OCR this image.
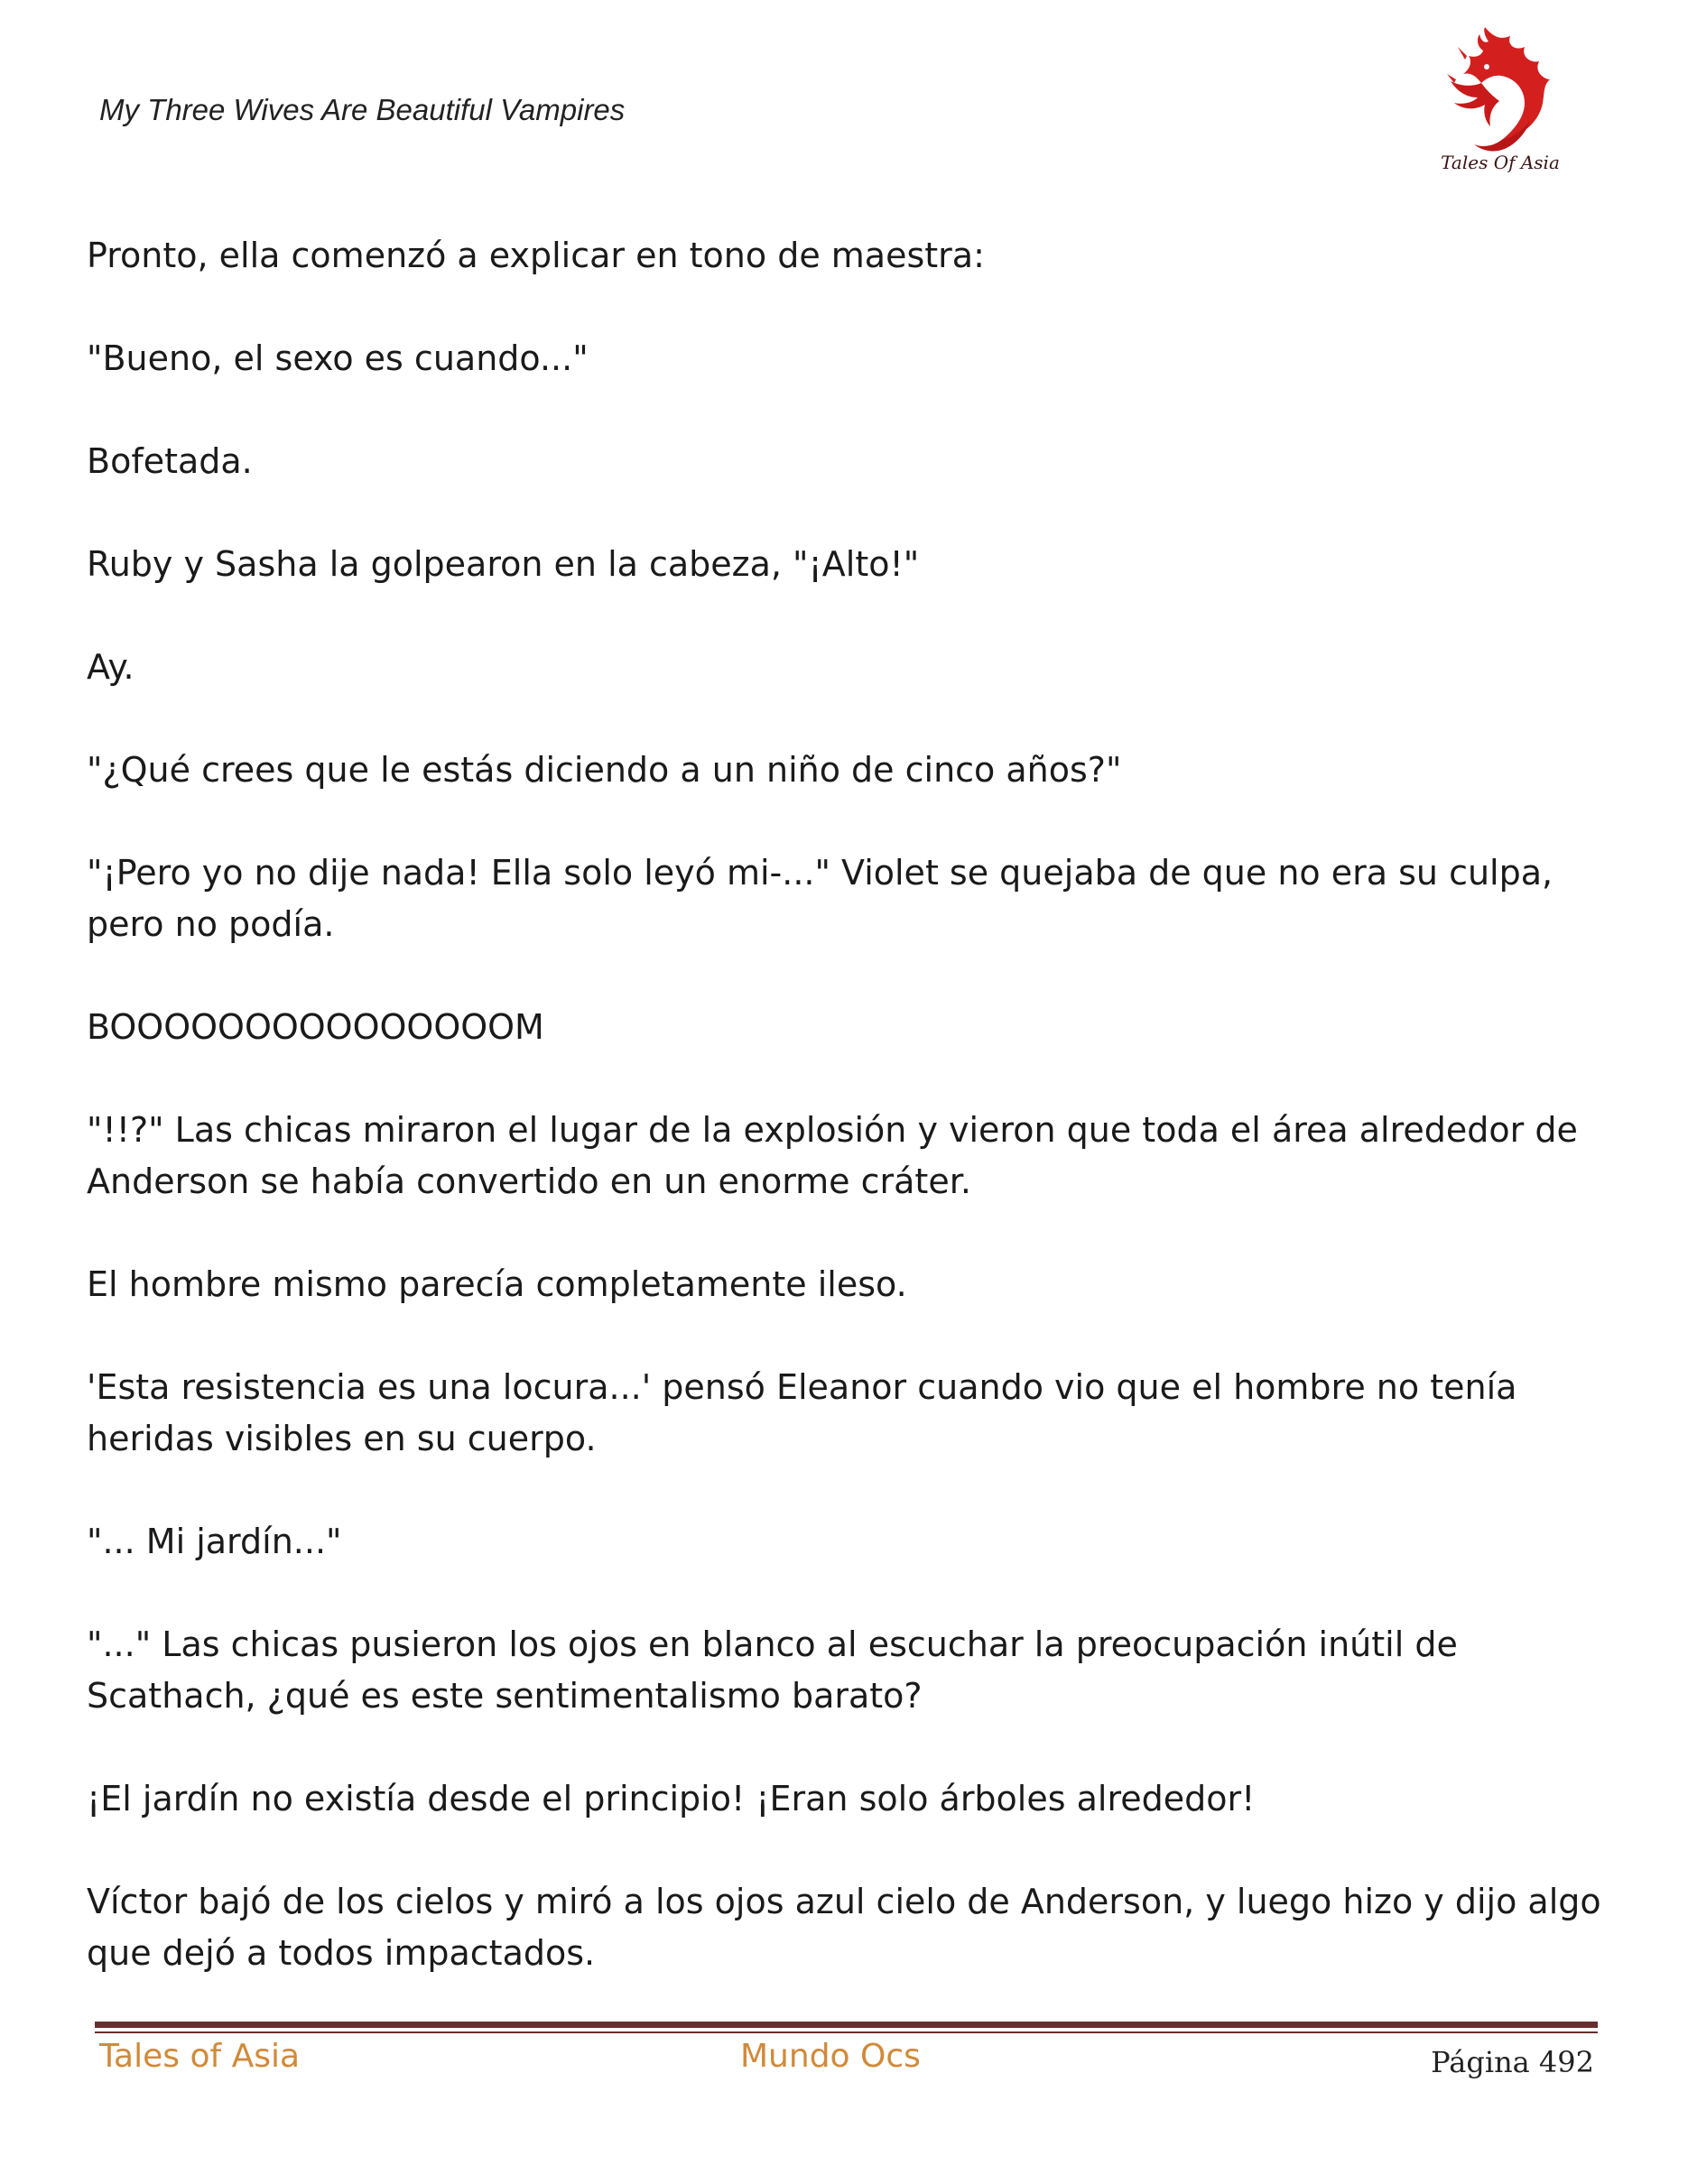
My Three Wives Are Beautiful Vampires
Tales Of Asia

Pronto, ella comenzó a explicar en tono de maestra:

"Bueno, el sexo es cuando..."

Bofetada.

Ruby y Sasha la golpearon en la cabeza, "¡Alto!"

Ay.

"¿Qué crees que le estás diciendo a un niño de cinco años?"

"¡Pero yo no dije nada! Ella solo leyó mi-..." Violet se quejaba de que no era su culpa, pero no podía.

BOOOOOOOOOOOOOOOM

"!!?" Las chicas miraron el lugar de la explosión y vieron que toda el área alrededor de Anderson se había convertido en un enorme cráter.

El hombre mismo parecía completamente ileso.

'Esta resistencia es una locura...' pensó Eleanor cuando vio que el hombre no tenía heridas visibles en su cuerpo.

"... Mi jardín..."

"..." Las chicas pusieron los ojos en blanco al escuchar la preocupación inútil de Scathach, ¿qué es este sentimentalismo barato?

¡El jardín no existía desde el principio! ¡Eran solo árboles alrededor!

Víctor bajó de los cielos y miró a los ojos azul cielo de Anderson, y luego hizo y dijo algo que dejó a todos impactados.

Tales of Asia	Mundo Ocs	Página 492
